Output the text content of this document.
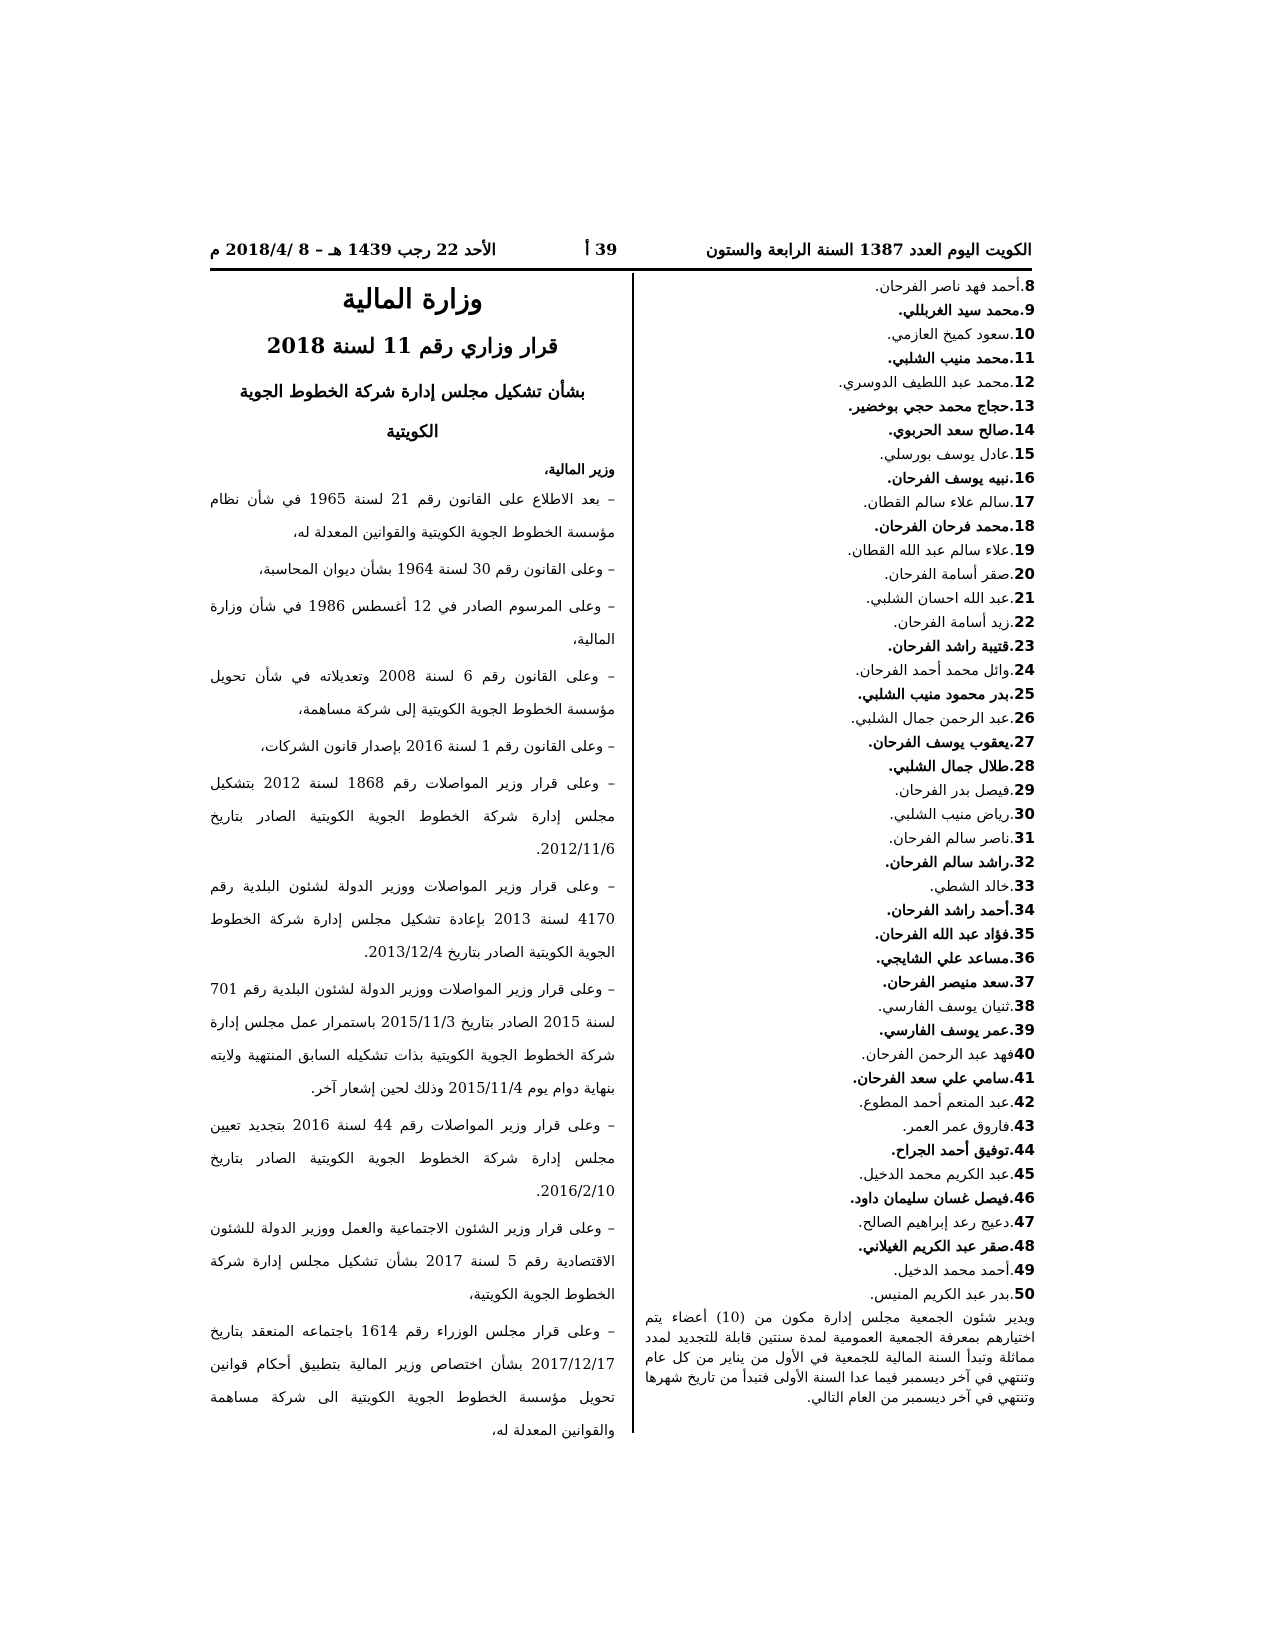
الكويت اليوم العدد 1387 السنة الرابعة والستون
39 أ
الأحد 22 رجب 1439 هـ – 8 /2018/4 م
8.أحمد فهد ناصر الفرحان.
9.محمد سيد الغربللي.
10.سعود كميخ العازمي.
11.محمد منيب الشلبي.
12.محمد عبد اللطيف الدوسري.
13.حجاج محمد حجي بوخضير.
14.صالح سعد الحربوي.
15.عادل يوسف بورسلي.
16.نبيه يوسف الفرحان.
17.سالم علاء سالم القطان.
18.محمد فرحان الفرحان.
19.علاء سالم عبد الله القطان.
20.صقر أسامة الفرحان.
21.عبد الله احسان الشلبي.
22.زيد أسامة الفرحان.
23.قتيبة راشد الفرحان.
24.وائل محمد أحمد الفرحان.
25.بدر محمود منيب الشلبي.
26.عبد الرحمن جمال الشلبي.
27.يعقوب يوسف الفرحان.
28.طلال جمال الشلبي.
29.فيصل بدر الفرحان.
30.رياض منيب الشلبي.
31.ناصر سالم الفرحان.
32.راشد سالم الفرحان.
33.خالد الشطي.
34.أحمد راشد الفرحان.
35.فؤاد عبد الله الفرحان.
36.مساعد علي الشايجي.
37.سعد منيصر الفرحان.
38.ثنيان يوسف الفارسي.
39.عمر يوسف الفارسي.
40فهد عبد الرحمن الفرحان.
41.سامي علي سعد الفرحان.
42.عبد المنعم أحمد المطوع.
43.فاروق عمر العمر.
44.توفيق أحمد الجراح.
45.عبد الكريم محمد الدخيل.
46.فيصل غسان سليمان داود.
47.دعيج رعد إبراهيم الصالح.
48.صقر عبد الكريم الغيلاني.
49.أحمد محمد الدخيل.
50.بدر عبد الكريم المنيس.
ويدير شئون الجمعية مجلس إدارة مكون من (10) أعضاء يتم اختيارهم بمعرفة الجمعية العمومية لمدة سنتين قابلة للتجديد لمدد مماثلة وتبدأ السنة المالية للجمعية في الأول من يناير من كل عام وتنتهي في آخر ديسمبر فيما عدا السنة الأولى فتبدأ من تاريخ شهرها وتنتهي في آخر ديسمبر من العام التالي.
وزارة المالية
قرار وزاري رقم 11 لسنة 2018
بشأن تشكيل مجلس إدارة شركة الخطوط الجوية
الكويتية
وزير المالية،
– بعد الاطلاع على القانون رقم 21 لسنة 1965 في شأن نظام مؤسسة الخطوط الجوية الكويتية والقوانين المعدلة له،
– وعلى القانون رقم 30 لسنة 1964 بشأن ديوان المحاسبة،
– وعلى المرسوم الصادر في 12 أغسطس 1986 في شأن وزارة المالية،
– وعلى القانون رقم 6 لسنة 2008 وتعديلاته في شأن تحويل مؤسسة الخطوط الجوية الكويتية إلى شركة مساهمة،
– وعلى القانون رقم 1 لسنة 2016 بإصدار قانون الشركات،
– وعلى قرار وزير المواصلات رقم 1868 لسنة 2012 بتشكيل مجلس إدارة شركة الخطوط الجوية الكويتية الصادر بتاريخ 2012/11/6.
– وعلى قرار وزير المواصلات ووزير الدولة لشئون البلدية رقم 4170 لسنة 2013 بإعادة تشكيل مجلس إدارة شركة الخطوط الجوية الكويتية الصادر بتاريخ 2013/12/4.
– وعلى قرار وزير المواصلات ووزير الدولة لشئون البلدية رقم 701 لسنة 2015 الصادر بتاريخ 2015/11/3 باستمرار عمل مجلس إدارة شركة الخطوط الجوية الكويتية بذات تشكيله السابق المنتهية ولايته بنهاية دوام يوم 2015/11/4 وذلك لحين إشعار آخر.
– وعلى قرار وزير المواصلات رقم 44 لسنة 2016 بتجديد تعيين مجلس إدارة شركة الخطوط الجوية الكويتية الصادر بتاريخ 2016/2/10.
– وعلى قرار وزير الشئون الاجتماعية والعمل ووزير الدولة للشئون الاقتصادية رقم 5 لسنة 2017 بشأن تشكيل مجلس إدارة شركة الخطوط الجوية الكويتية،
– وعلى قرار مجلس الوزراء رقم 1614 باجتماعه المنعقد بتاريخ 2017/12/17 بشأن اختصاص وزير المالية بتطبيق أحكام قوانين تحويل مؤسسة الخطوط الجوية الكويتية الى شركة مساهمة والقوانين المعدلة له،
